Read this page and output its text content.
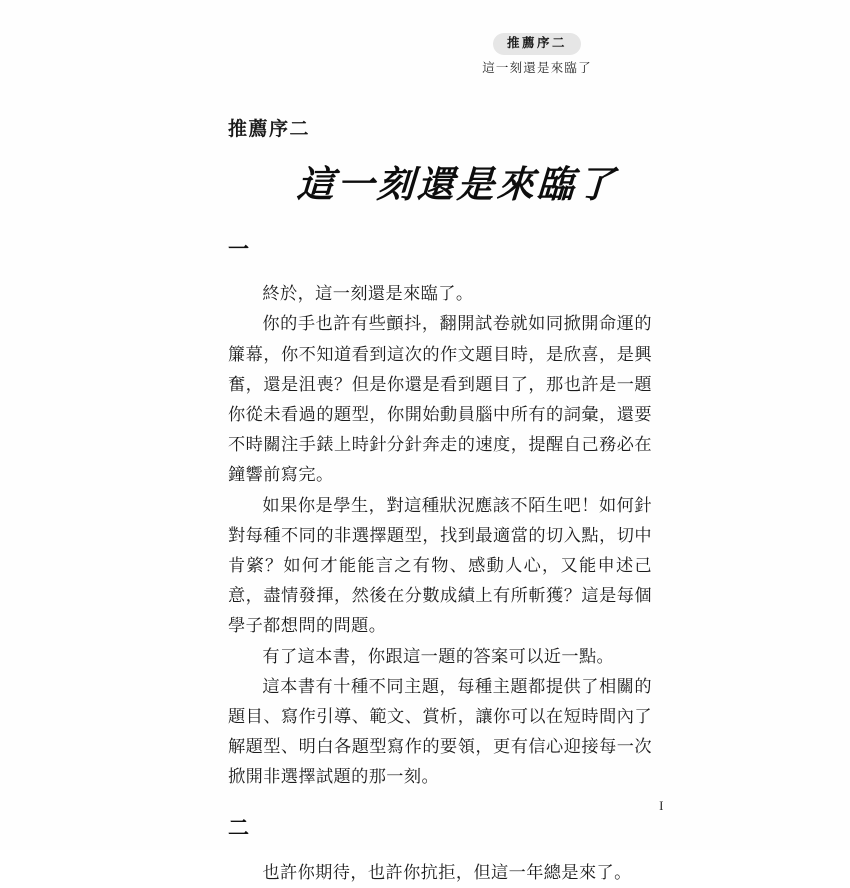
推薦序二
這一刻還是來臨了
推薦序二
這一刻還是來臨了
一

終於，這一刻還是來臨了。

你的手也許有些顫抖，翻開試卷就如同掀開命運的簾幕，你不知道看到這次的作文題目時，是欣喜，是興奮，還是沮喪？但是你還是看到題目了，那也許是一題你從未看過的題型，你開始動員腦中所有的詞彙，還要不時關注手錶上時針分針奔走的速度，提醒自己務必在鐘響前寫完。

如果你是學生，對這種狀況應該不陌生吧！如何針對每種不同的非選擇題型，找到最適當的切入點，切中肯綮？如何才能能言之有物、感動人心，又能申述己意，盡情發揮，然後在分數成績上有所斬獲？這是每個學子都想問的問題。

有了這本書，你跟這一題的答案可以近一點。

這本書有十種不同主題，每種主題都提供了相關的題目、寫作引導、範文、賞析，讓你可以在短時間內了解題型、明白各題型寫作的要領，更有信心迎接每一次掀開非選擇試題的那一刻。

二

也許你期待，也許你抗拒，但這一年總是來了。

I
